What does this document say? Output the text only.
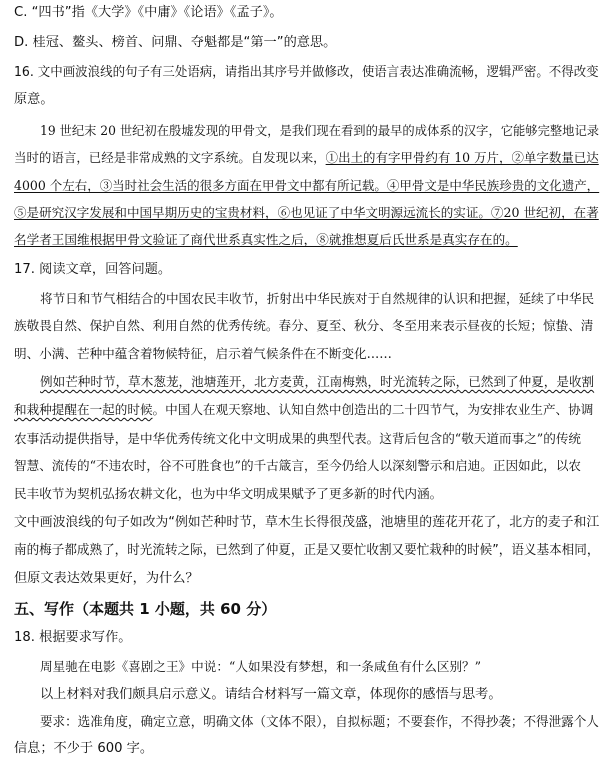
C. “四书”指《大学》《中庸》《论语》《孟子》。
D. 桂冠、鳌头、榜首、问鼎、夺魁都是“第一”的意思。
16. 文中画波浪线的句子有三处语病，请指出其序号并做修改，使语言表达准确流畅，逻辑严密。不得改变
原意。
19 世纪末 20 世纪初在殷墟发现的甲骨文，是我们现在看到的最早的成体系的汉字，它能够完整地记录
当时的语言，已经是非常成熟的文字系统。自发现以来，①出土的有字甲骨约有 10 万片，②单字数量已达
4000 个左右，③当时社会生活的很多方面在甲骨文中都有所记载。④甲骨文是中华民族珍贵的文化遗产，
⑤是研究汉字发展和中国早期历史的宝贵材料，⑥也见证了中华文明源远流长的实证。⑦20 世纪初，在著
名学者王国维根据甲骨文验证了商代世系真实性之后，⑧就推想夏后氏世系是真实存在的。
17. 阅读文章，回答问题。
将节日和节气相结合的中国农民丰收节，折射出中华民族对于自然规律的认识和把握，延续了中华民
族敬畏自然、保护自然、利用自然的优秀传统。春分、夏至、秋分、冬至用来表示昼夜的长短；惊蛰、清
明、小满、芒种中蕴含着物候特征，启示着气候条件在不断变化……
例如芒种时节，草木葱茏，池塘莲开，北方麦黄，江南梅熟，时光流转之际，已然到了仲夏，是收割
和栽种提醒在一起的时候。中国人在观天察地、认知自然中创造出的二十四节气，为安排农业生产、协调
农事活动提供指导，是中华优秀传统文化中文明成果的典型代表。这背后包含的“敬天道而事之”的传统
智慧、流传的“不违农时，谷不可胜食也”的千古箴言，至今仍给人以深刻警示和启迪。正因如此，以农
民丰收节为契机弘扬农耕文化，也为中华文明成果赋予了更多新的时代内涵。
文中画波浪线的句子如改为“例如芒种时节，草木生长得很茂盛，池塘里的莲花开花了，北方的麦子和江
南的梅子都成熟了，时光流转之际，已然到了仲夏，正是又要忙收割又要忙栽种的时候”，语义基本相同，
但原文表达效果更好，为什么？
五、写作（本题共 1 小题，共 60 分）
18. 根据要求写作。
周星驰在电影《喜剧之王》中说：“人如果没有梦想，和一条咸鱼有什么区别？”
以上材料对我们颇具启示意义。请结合材料写一篇文章，体现你的感悟与思考。
要求：选准角度，确定立意，明确文体（文体不限），自拟标题；不要套作，不得抄袭；不得泄露个人
信息；不少于 600 字。
